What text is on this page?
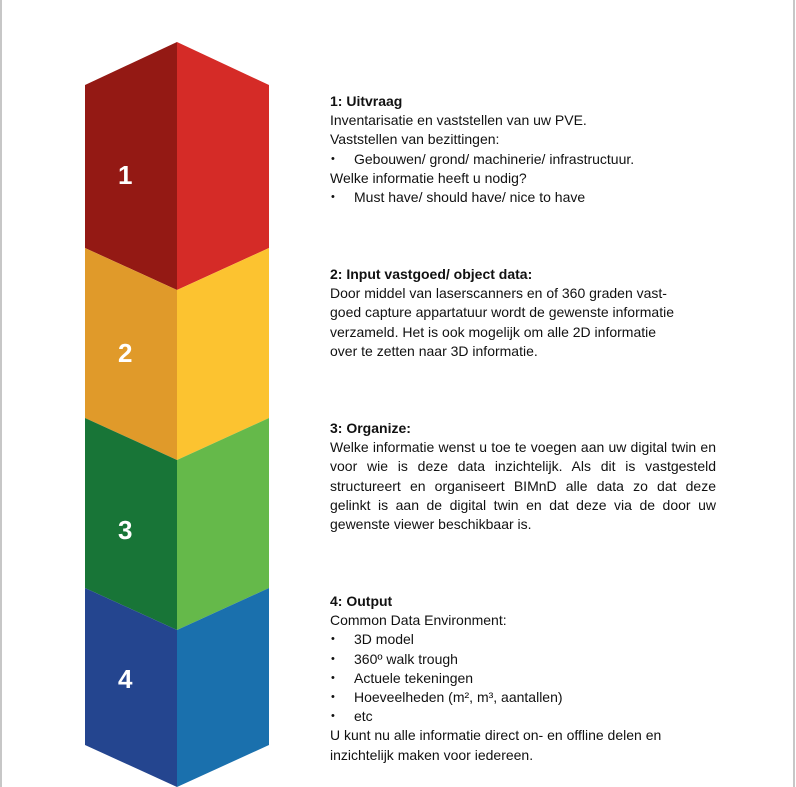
1
2
3
4
1: Uitvraag

Inventarisatie en vaststellen van uw PVE.

Vaststellen van bezittingen:

• Gebouwen/ grond/ machinerie/ infrastructuur.

Welke informatie heeft u nodig?

• Must have/ should have/ nice to have
2: Input vastgoed/ object data:

Door middel van laserscanners en of 360 graden vast-

goed capture appartatuur wordt de gewenste informatie

verzameld. Het is ook mogelijk om alle 2D informatie

over te zetten naar 3D informatie.

3: Organize:

Welke informatie wenst u toe te voegen aan uw digital twin en voor wie is deze data inzichtelijk. Als dit is vastgesteld structureert en organiseert BIMnD alle data zo dat deze gelinkt is aan de digital twin en dat deze via de door uw gewenste viewer beschikbaar is.

4: Output

Common Data Environment:

• 3D model
• 360º walk trough
• Actuele tekeningen
• Hoeveelheden (m², m³, aantallen)
• etc

U kunt nu alle informatie direct on- en offline delen en

inzichtelijk maken voor iedereen.
